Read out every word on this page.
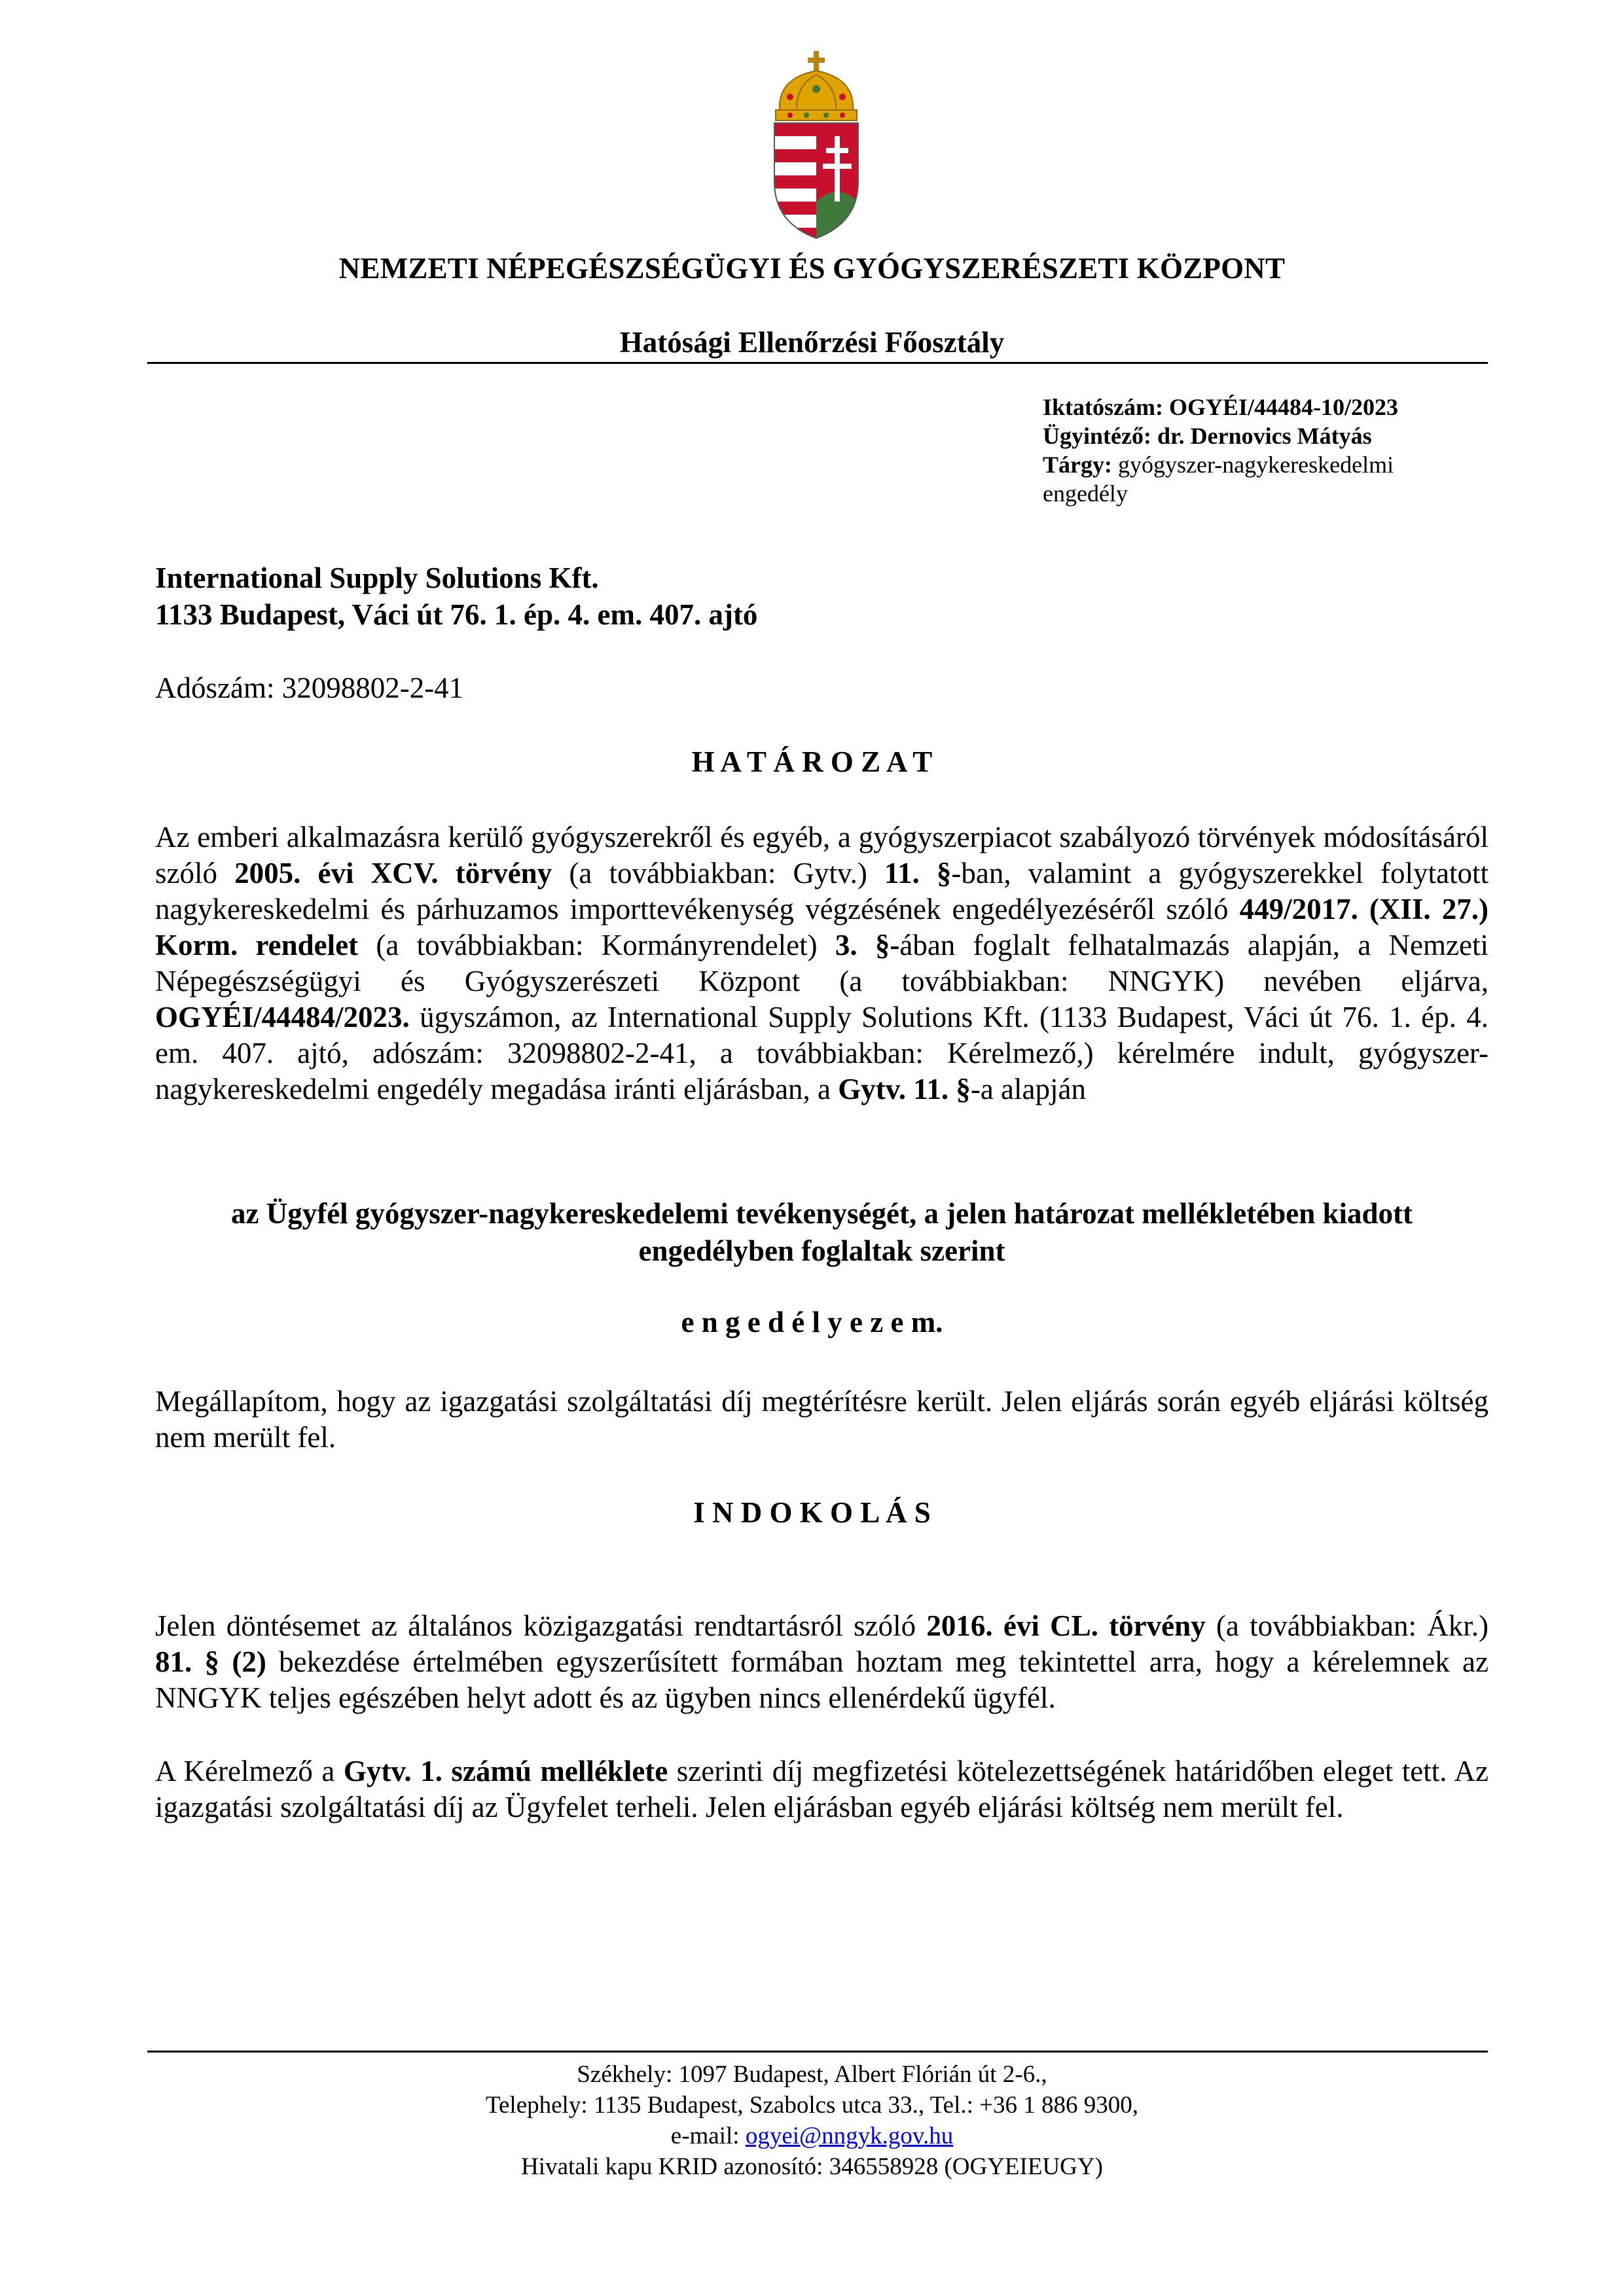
NEMZETI NÉPEGÉSZSÉGÜGYI ÉS GYÓGYSZERÉSZETI KÖZPONT
Hatósági Ellenőrzési Főosztály
Iktatószám: OGYÉI/44484-10/2023
Ügyintéző: dr. Dernovics Mátyás
Tárgy: gyógyszer-nagykereskedelmi
engedély
International Supply Solutions Kft.
1133 Budapest, Váci út 76. 1. ép. 4. em. 407. ajtó
Adószám: 32098802-2-41
H A T Á R O Z A T

Az emberi alkalmazásra kerülő gyógyszerekről és egyéb, a gyógyszerpiacot szabályozó törvények módosításáról szóló 2005. évi XCV. törvény (a továbbiakban: Gytv.) 11. §-ban, valamint a gyógyszerekkel folytatott nagykereskedelmi és párhuzamos importtevékenység végzésének engedélyezéséről szóló 449/2017. (XII. 27.) Korm. rendelet (a továbbiakban: Kormányrendelet) 3. §-ában foglalt felhatalmazás alapján, a Nemzeti Népegészségügyi és Gyógyszerészeti Központ (a továbbiakban: NNGYK) nevében eljárva, OGYÉI/44484/2023. ügyszámon, az International Supply Solutions Kft. (1133 Budapest, Váci út 76. 1. ép. 4. em. 407. ajtó, adószám: 32098802-2-41, a továbbiakban: Kérelmező,) kérelmére indult, gyógyszer-nagykereskedelmi engedély megadása iránti eljárásban, a Gytv. 11. §-a alapján

az Ügyfél gyógyszer-nagykereskedelemi tevékenységét, a jelen határozat mellékletében kiadott
engedélyben foglaltak szerint
e n g e d é l y e z e m.

Megállapítom, hogy az igazgatási szolgáltatási díj megtérítésre került. Jelen eljárás során egyéb eljárási költség nem merült fel.

I N D O K O L Á S

Jelen döntésemet az általános közigazgatási rendtartásról szóló 2016. évi CL. törvény (a továbbiakban: Ákr.) 81. § (2) bekezdése értelmében egyszerűsített formában hoztam meg tekintettel arra, hogy a kérelemnek az NNGYK teljes egészében helyt adott és az ügyben nincs ellenérdekű ügyfél.

A Kérelmező a Gytv. 1. számú melléklete szerinti díj megfizetési kötelezettségének határidőben eleget tett. Az igazgatási szolgáltatási díj az Ügyfelet terheli. Jelen eljárásban egyéb eljárási költség nem merült fel.

Székhely: 1097 Budapest, Albert Flórián út 2-6.,
Telephely: 1135 Budapest, Szabolcs utca 33., Tel.: +36 1 886 9300,
e-mail: ogyei@nngyk.gov.hu
Hivatali kapu KRID azonosító: 346558928 (OGYEIEUGY)
